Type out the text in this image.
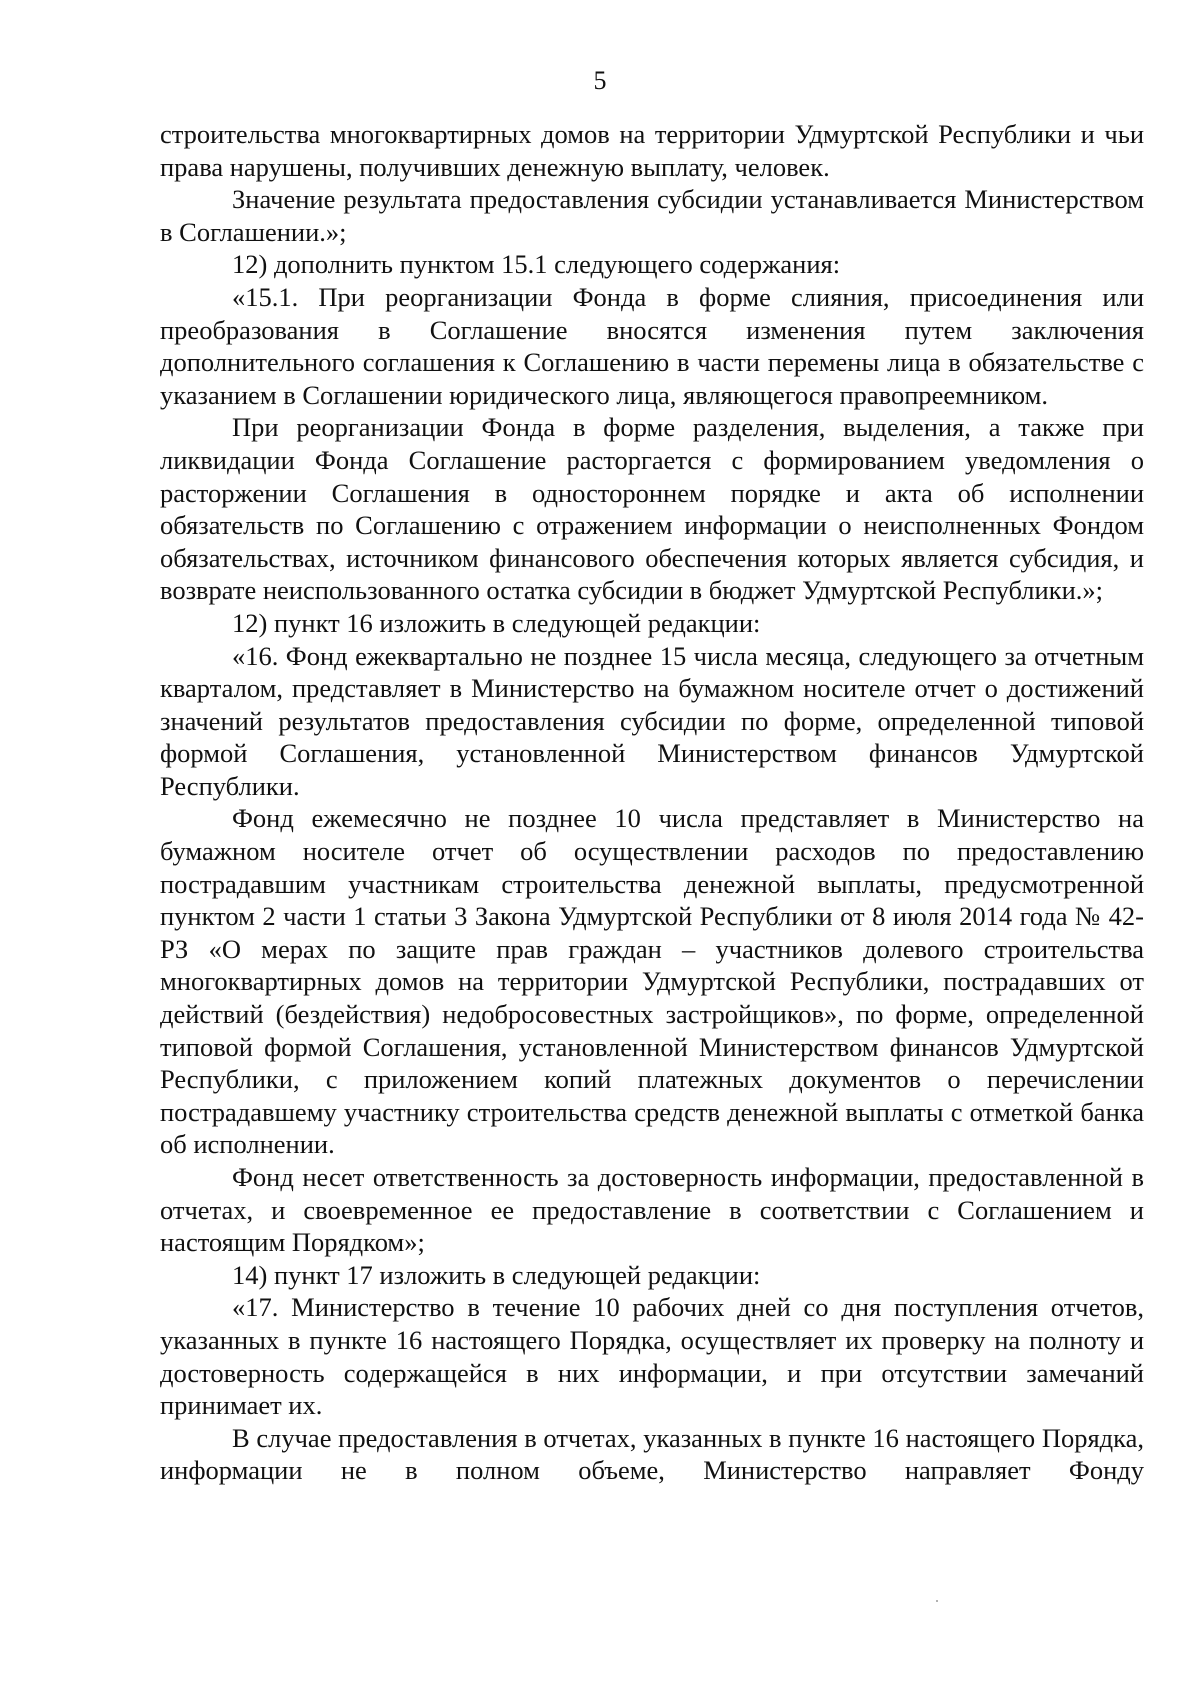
5

строительства многоквартирных домов на территории Удмуртской Республики и чьи права нарушены, получивших денежную выплату, человек.

Значение результата предоставления субсидии устанавливается Министерством в Соглашении.»;

12) дополнить пунктом 15.1 следующего содержания:

«15.1. При реорганизации Фонда в форме слияния, присоединения или преобразования в Соглашение вносятся изменения путем заключения дополнительного соглашения к Соглашению в части перемены лица в обязательстве с указанием в Соглашении юридического лица, являющегося правопреемником.

При реорганизации Фонда в форме разделения, выделения, а также при ликвидации Фонда Соглашение расторгается с формированием уведомления о расторжении Соглашения в одностороннем порядке и акта об исполнении обязательств по Соглашению с отражением информации о неисполненных Фондом обязательствах, источником финансового обеспечения которых является субсидия, и возврате неиспользованного остатка субсидии в бюджет Удмуртской Республики.»;

12) пункт 16 изложить в следующей редакции:

«16. Фонд ежеквартально не позднее 15 числа месяца, следующего за отчетным кварталом, представляет в Министерство на бумажном носителе отчет о достижений значений результатов предоставления субсидии по форме, определенной типовой формой Соглашения, установленной Министерством финансов Удмуртской Республики.

Фонд ежемесячно не позднее 10 числа представляет в Министерство на бумажном носителе отчет об осуществлении расходов по предоставлению пострадавшим участникам строительства денежной выплаты, предусмотренной пунктом 2 части 1 статьи 3 Закона Удмуртской Республики от 8 июля 2014 года № 42-РЗ «О мерах по защите прав граждан – участников долевого строительства многоквартирных домов на территории Удмуртской Республики, пострадавших от действий (бездействия) недобросовестных застройщиков», по форме, определенной типовой формой Соглашения, установленной Министерством финансов Удмуртской Республики, с приложением копий платежных документов о перечислении пострадавшему участнику строительства средств денежной выплаты с отметкой банка об исполнении.

Фонд несет ответственность за достоверность информации, предоставленной в отчетах, и своевременное ее предоставление в соответствии с Соглашением и настоящим Порядком»;

14) пункт 17 изложить в следующей редакции:

«17. Министерство в течение 10 рабочих дней со дня поступления отчетов, указанных в пункте 16 настоящего Порядка, осуществляет их проверку на полноту и достоверность содержащейся в них информации, и при отсутствии замечаний принимает их.

В случае предоставления в отчетах, указанных в пункте 16 настоящего Порядка, информации не в полном объеме, Министерство направляет Фонду
